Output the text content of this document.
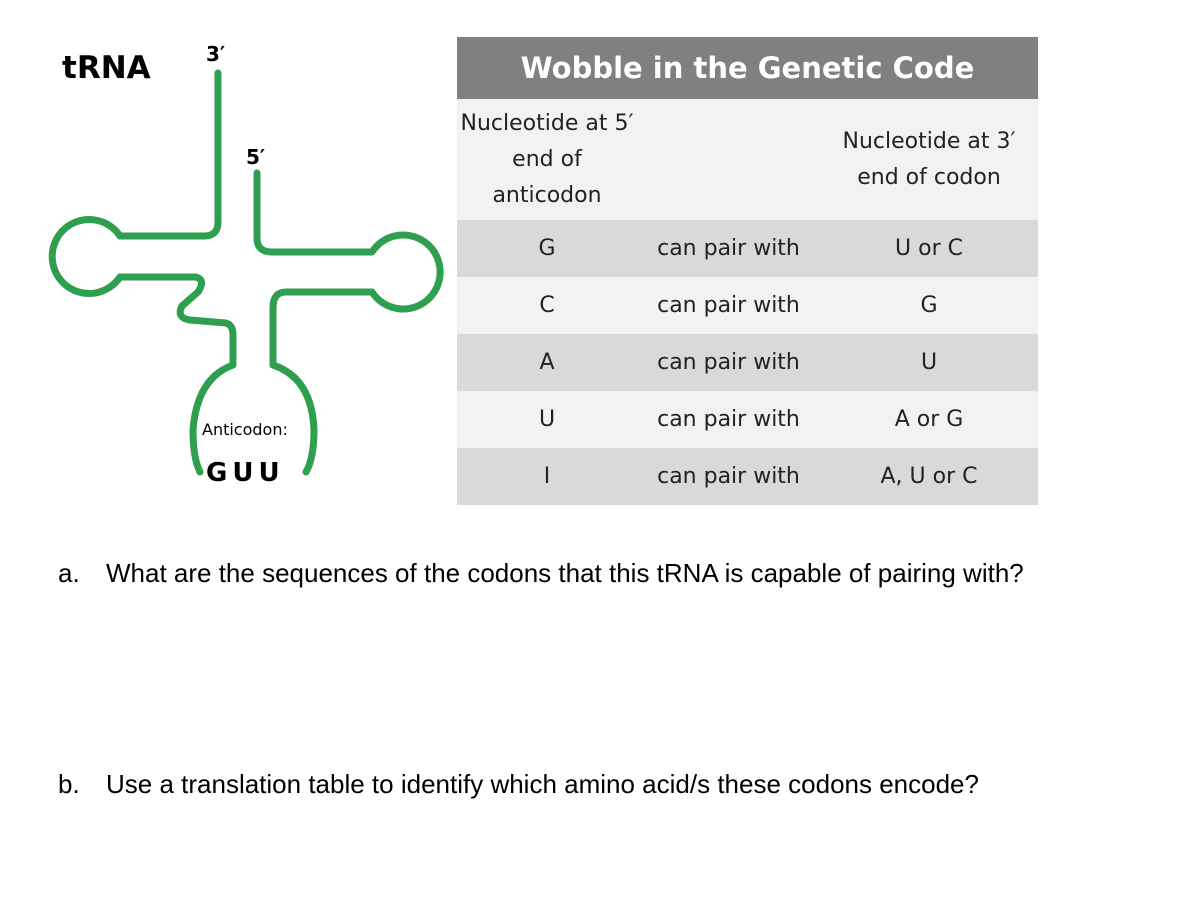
tRNA	3′
5′
Anticodon:
GUU
Wobble in the Genetic Code		
Nucleotide at 5′ end of anticodon		Nucleotide at 3′ end of codon
G	can pair with	U or C
C	can pair with	G
A	can pair with	U
U	can pair with	A or G
I	can pair with	A, U or C
a. What are the sequences of the codons that this tRNA is capable of pairing with?
b. Use a translation table to identify which amino acid/s these codons encode?
